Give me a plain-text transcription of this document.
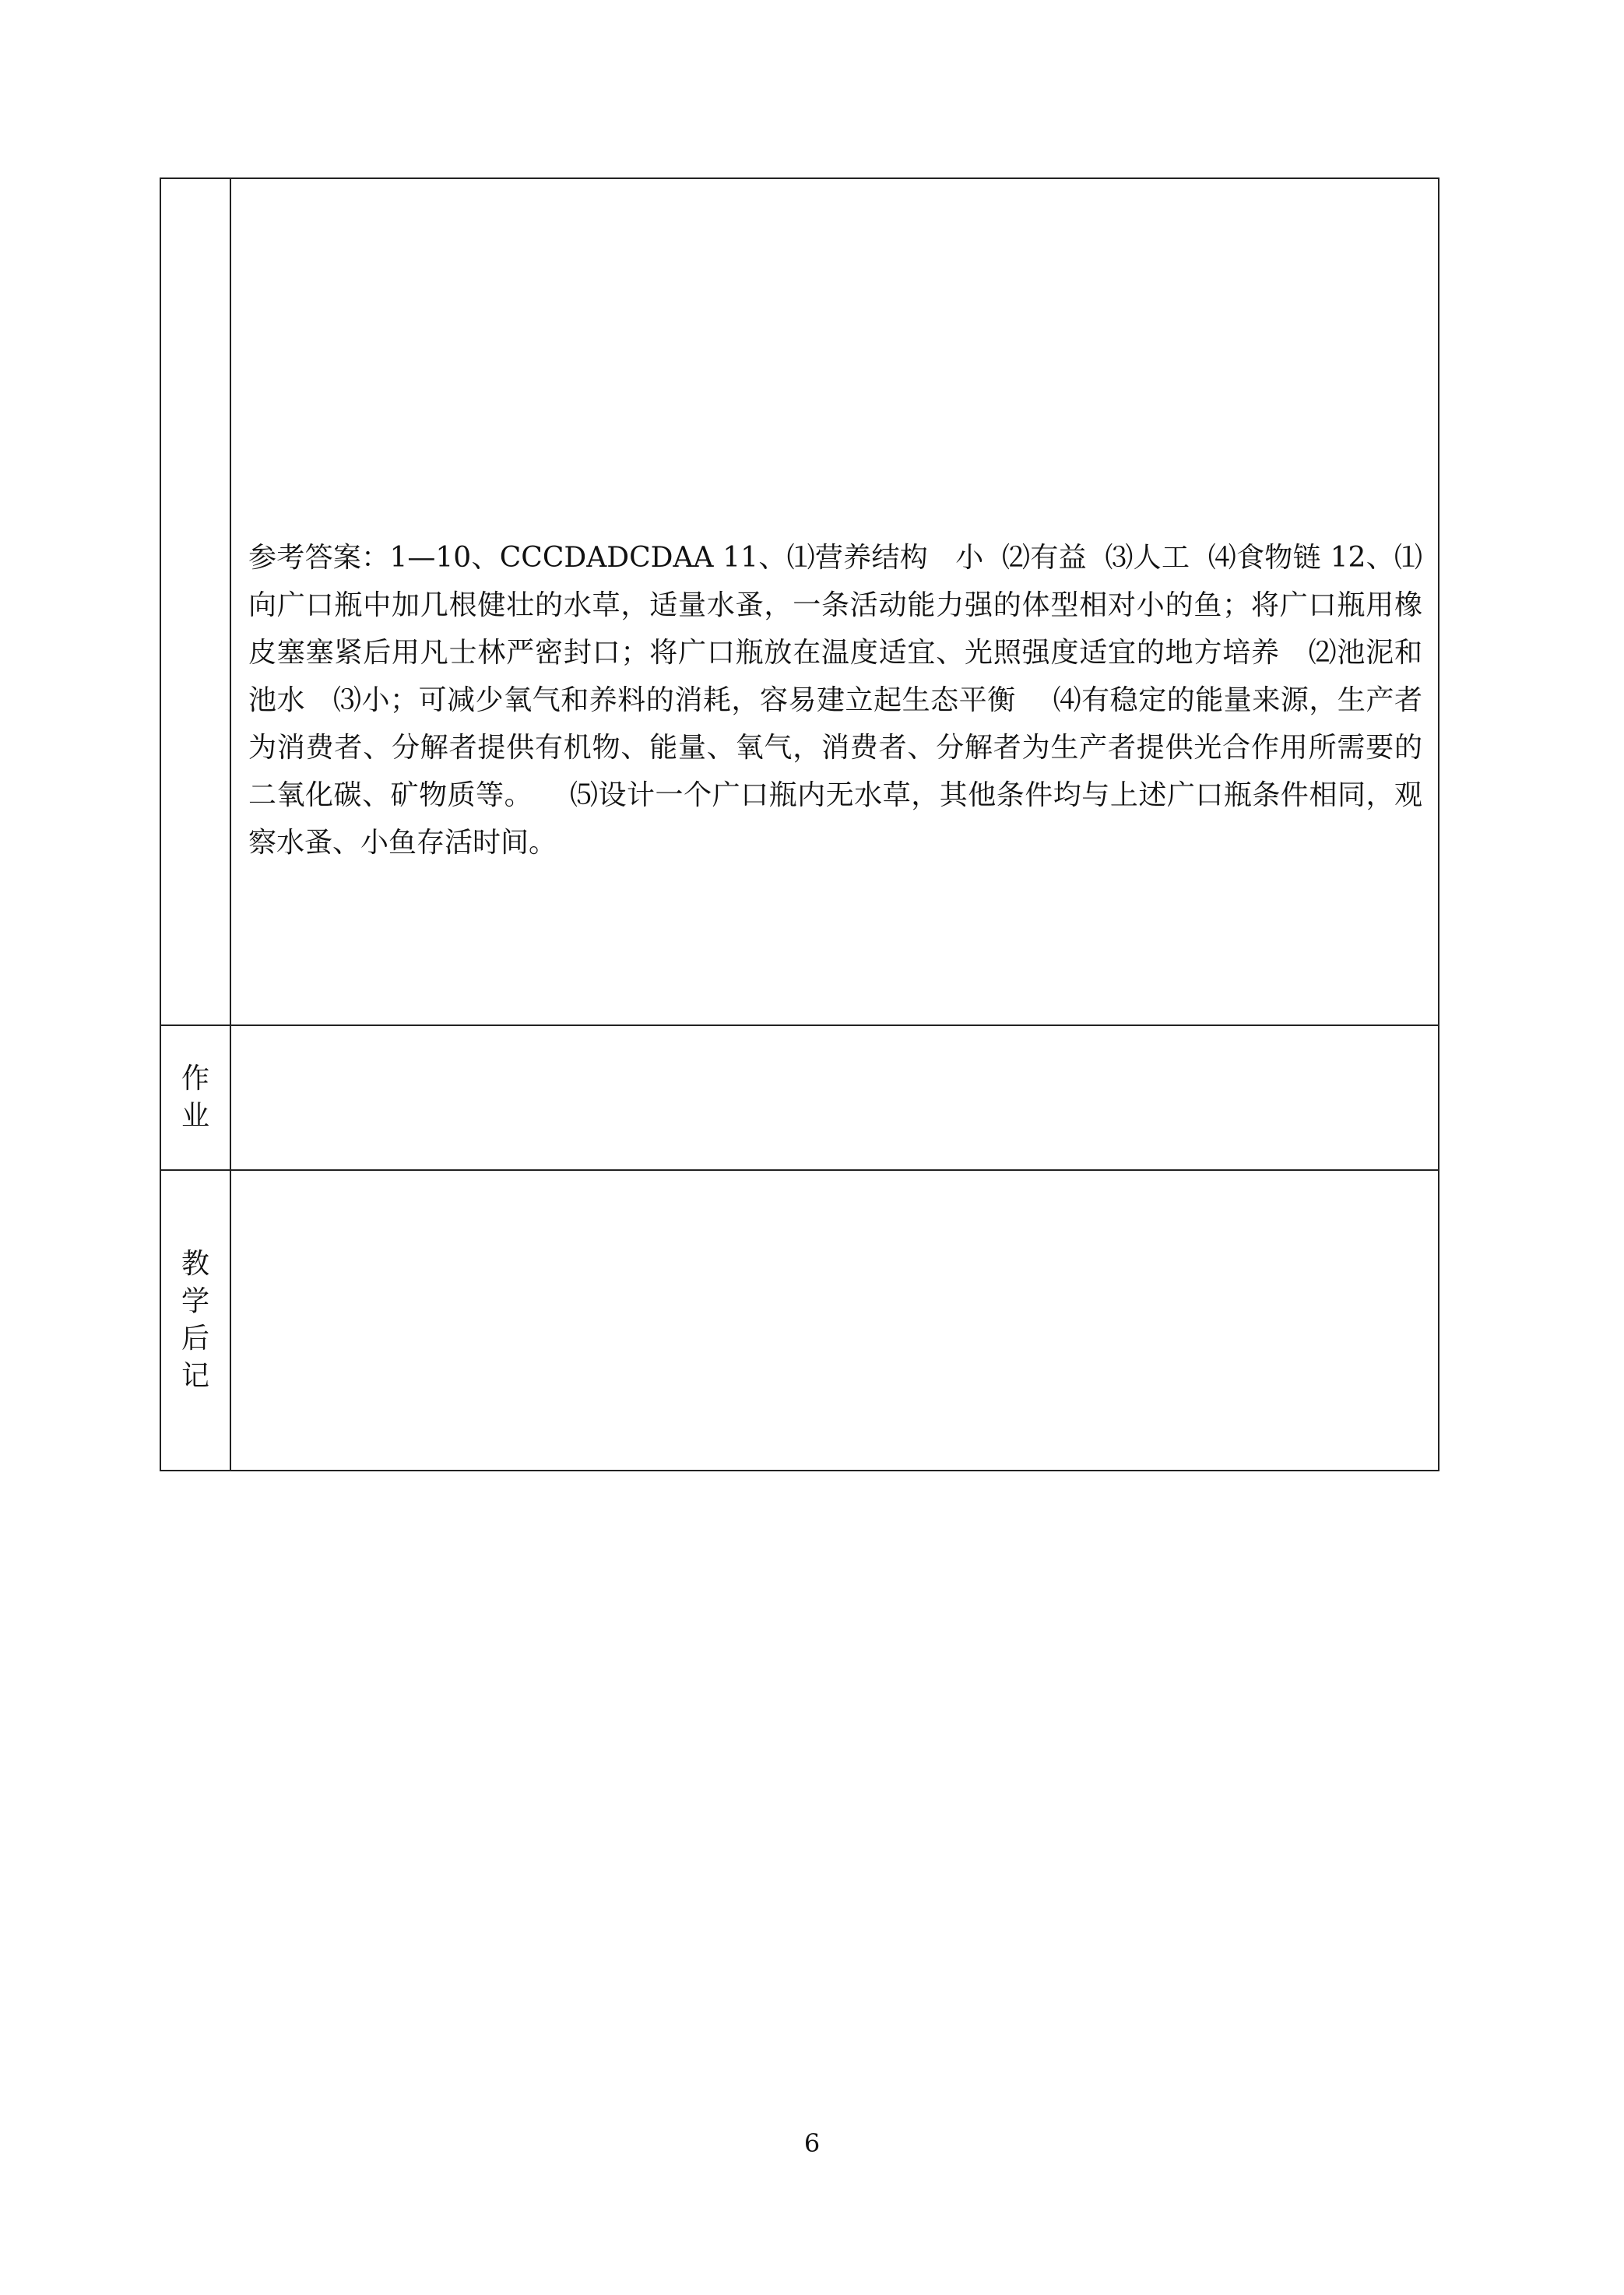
	参考答案：1—10、CCCDADCDAA 11、⑴营养结构   小  ⑵有益  ⑶人工  ⑷食物链 12、⑴向广口瓶中加几根健壮的水草，适量水蚤，一条活动能力强的体型相对小的鱼；将广口瓶用橡皮塞塞紧后用凡士林严密封口；将广口瓶放在温度适宜、光照强度适宜的地方培养   ⑵池泥和池水   ⑶小；可减少氧气和养料的消耗，容易建立起生态平衡    ⑷有稳定的能量来源，生产者为消费者、分解者提供有机物、能量、氧气，消费者、分解者为生产者提供光合作用所需要的二氧化碳、矿物质等。    ⑸设计一个广口瓶内无水草，其他条件均与上述广口瓶条件相同，观察水蚤、小鱼存活时间。

作业	

教学后记	
6
